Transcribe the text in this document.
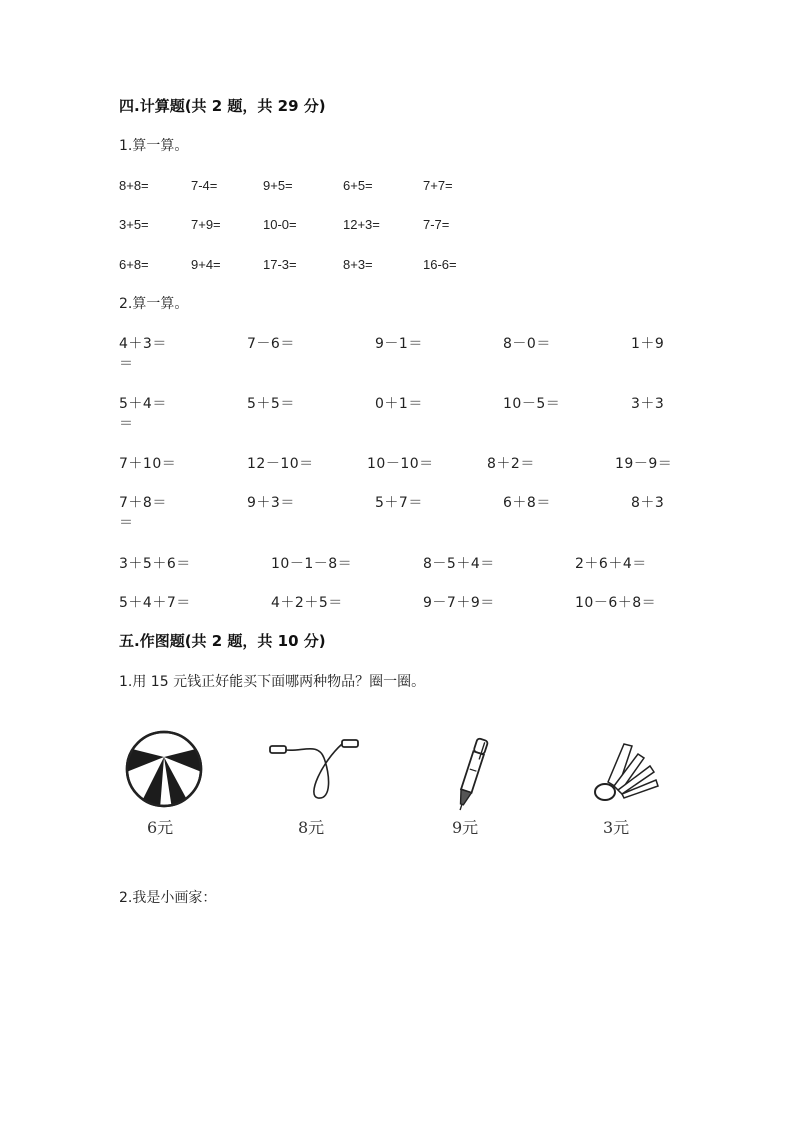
四.计算题(共 2 题，共 29 分)
1.算一算。
8+8=	7-4=	9+5=	6+5=	7+7=
3+5=	7+9=	10-0=	12+3=	7-7=
6+8=	9+4=	17-3=	8+3=	16-6=
2.算一算。
4＋3＝	7－6＝	9－1＝	8－0＝	1＋9
＝
5＋4＝	5＋5＝	0＋1＝	10－5＝	3＋3
＝
7＋10＝	12－10＝	10－10＝	8＋2＝	19－9＝
7＋8＝	9＋3＝	5＋7＝	6＋8＝	8＋3
＝
3＋5＋6＝	10－1－8＝	8－5＋4＝	2＋6＋4＝
5＋4＋7＝	4＋2＋5＝	9－7＋9＝	10－6＋8＝
五.作图题(共 2 题，共 10 分)
1.用 15 元钱正好能买下面哪两种物品？圈一圈。
6元	8元	9元	3元
2.我是小画家：
